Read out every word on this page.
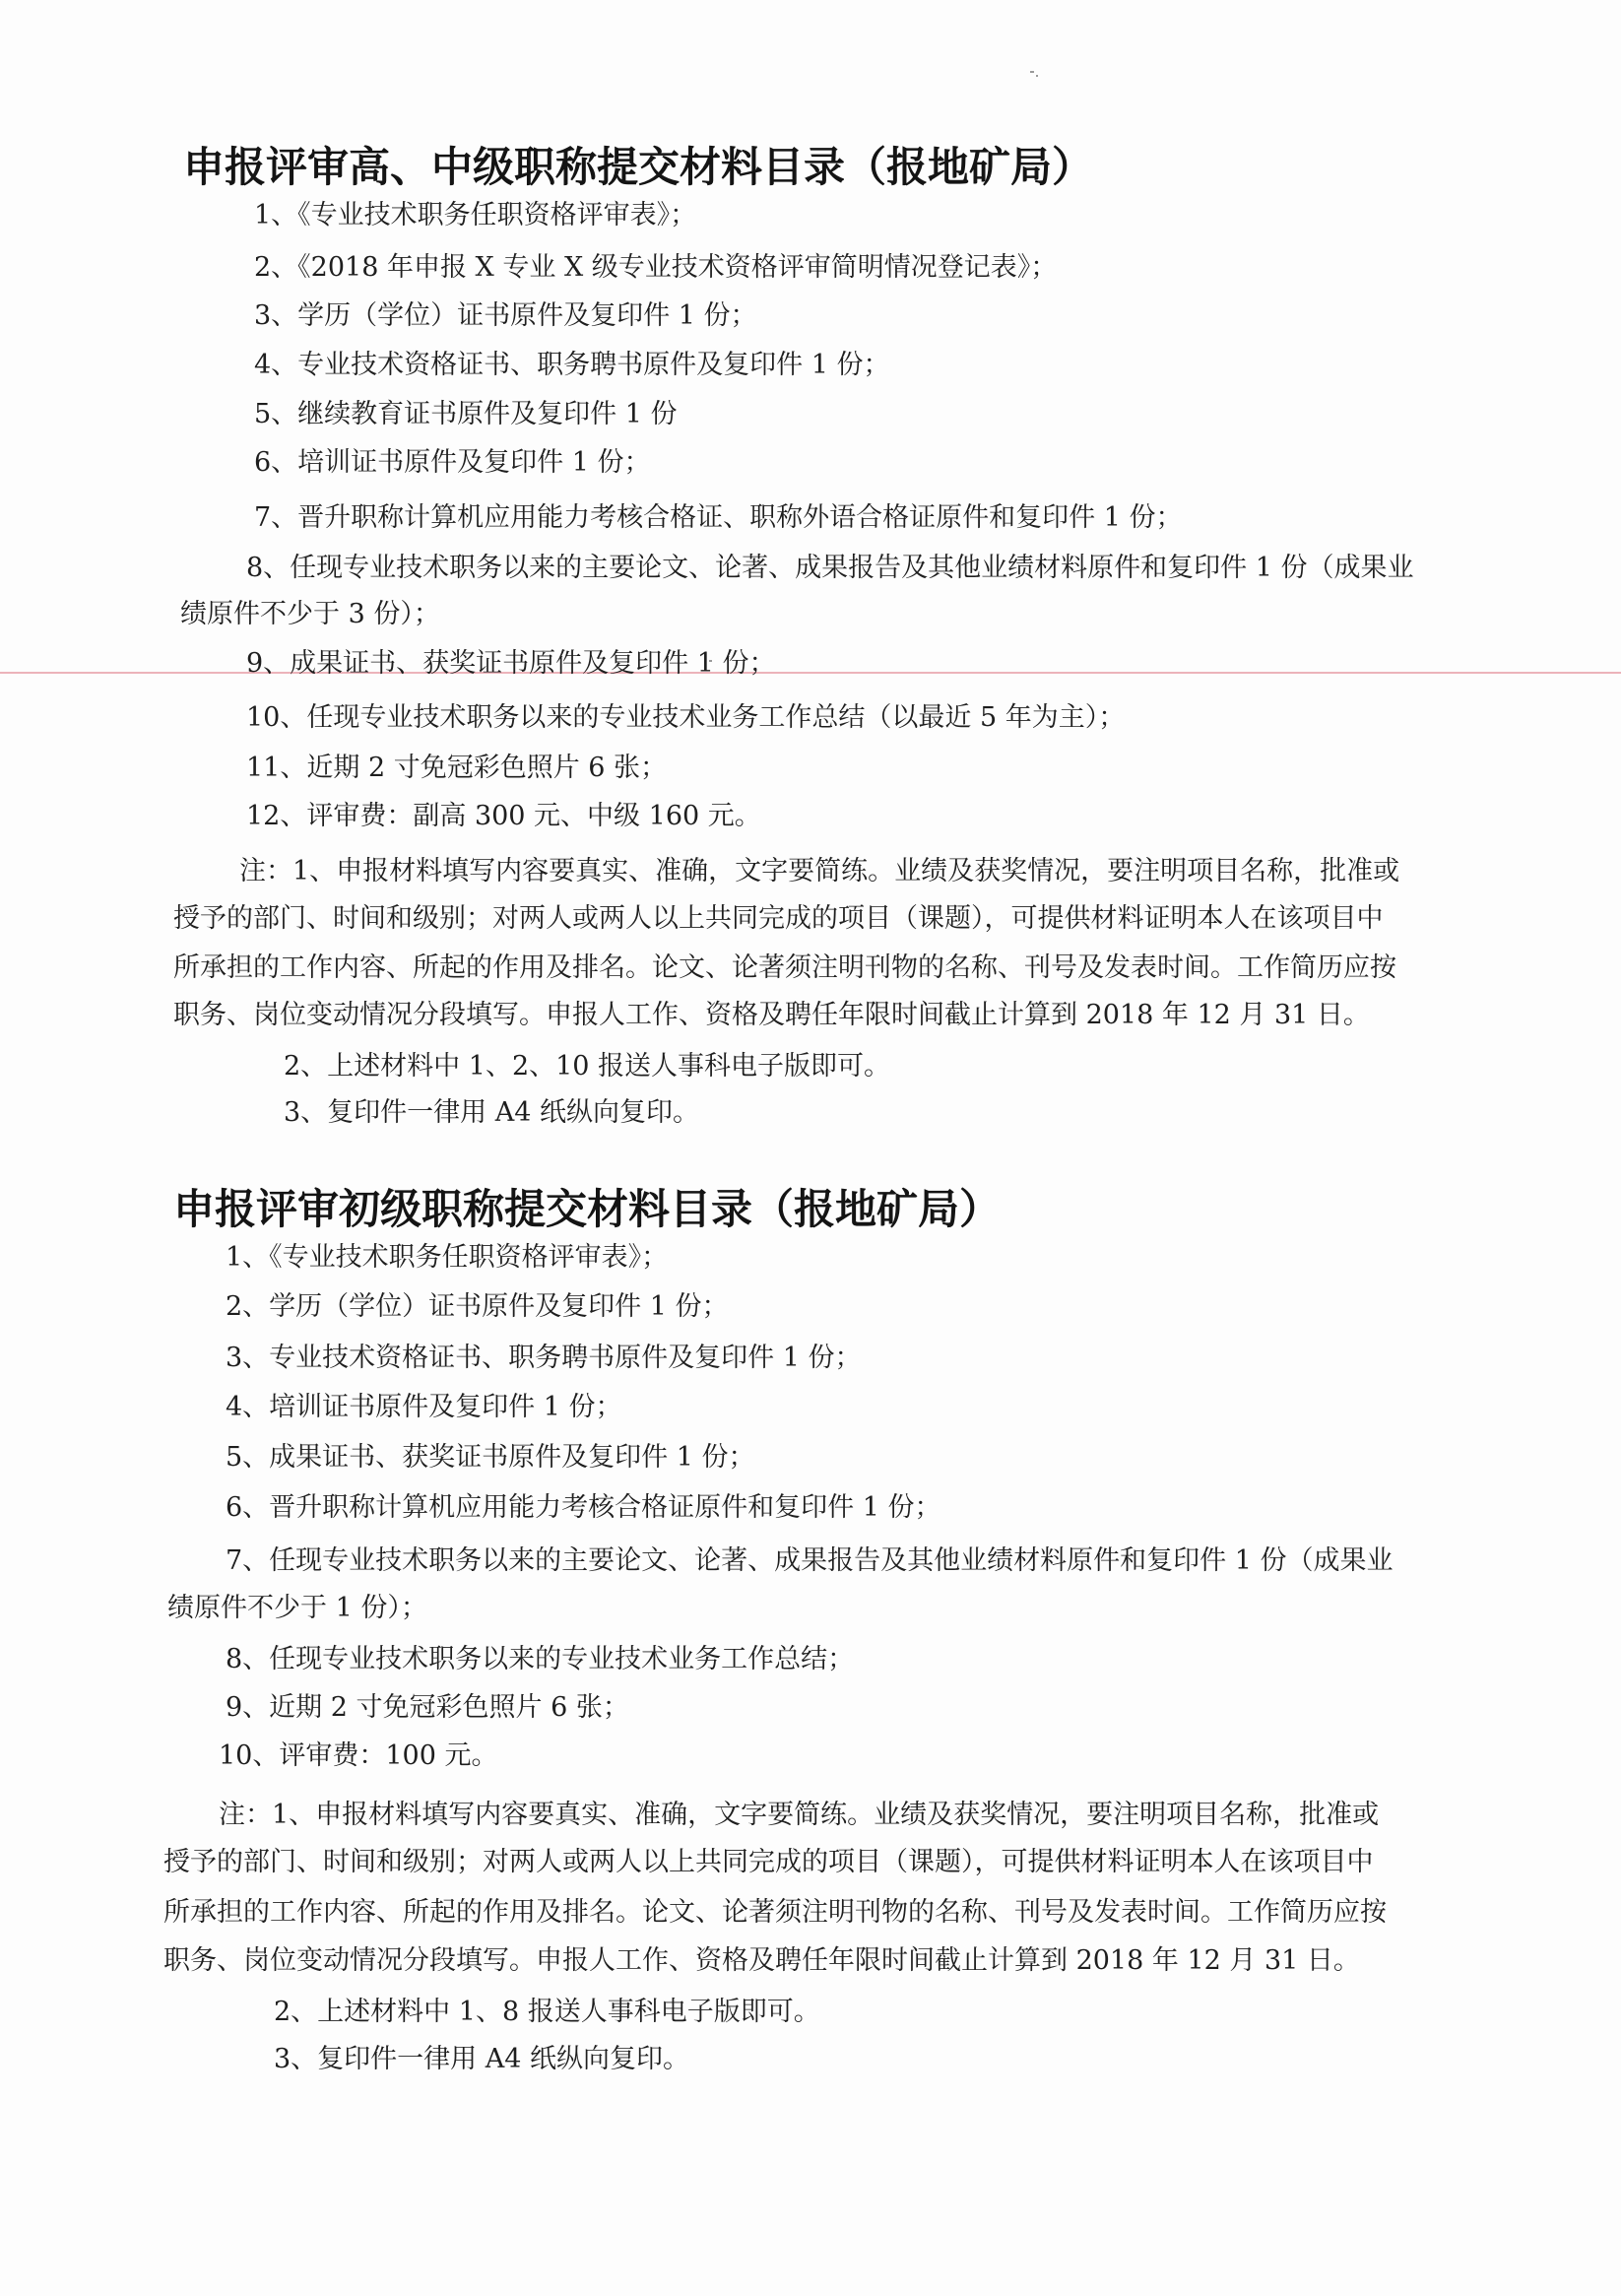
申报评审高、中级职称提交材料目录（报地矿局）
1、《专业技术职务任职资格评审表》；
2、《2018 年申报 X 专业 X 级专业技术资格评审简明情况登记表》；
3、学历（学位）证书原件及复印件 1 份；
4、专业技术资格证书、职务聘书原件及复印件 1 份；
5、继续教育证书原件及复印件 1 份
6、培训证书原件及复印件 1 份；
7、晋升职称计算机应用能力考核合格证、职称外语合格证原件和复印件 1 份；
8、任现专业技术职务以来的主要论文、论著、成果报告及其他业绩材料原件和复印件 1 份（成果业
绩原件不少于 3 份）；
9、成果证书、获奖证书原件及复印件 1 份；
10、任现专业技术职务以来的专业技术业务工作总结（以最近 5 年为主）；
11、近期 2 寸免冠彩色照片 6 张；
12、评审费：副高 300 元、中级 160 元。
注：1、申报材料填写内容要真实、准确，文字要简练。业绩及获奖情况，要注明项目名称，批准或
授予的部门、时间和级别；对两人或两人以上共同完成的项目（课题），可提供材料证明本人在该项目中
所承担的工作内容、所起的作用及排名。论文、论著须注明刊物的名称、刊号及发表时间。工作简历应按
职务、岗位变动情况分段填写。申报人工作、资格及聘任年限时间截止计算到 2018 年 12 月 31 日。
2、上述材料中 1、2、10 报送人事科电子版即可。
3、复印件一律用 A4 纸纵向复印。
申报评审初级职称提交材料目录（报地矿局）
1、《专业技术职务任职资格评审表》；
2、学历（学位）证书原件及复印件 1 份；
3、专业技术资格证书、职务聘书原件及复印件 1 份；
4、培训证书原件及复印件 1 份；
5、成果证书、获奖证书原件及复印件 1 份；
6、晋升职称计算机应用能力考核合格证原件和复印件 1 份；
7、任现专业技术职务以来的主要论文、论著、成果报告及其他业绩材料原件和复印件 1 份（成果业
绩原件不少于 1 份）；
8、任现专业技术职务以来的专业技术业务工作总结；
9、近期 2 寸免冠彩色照片 6 张；
10、评审费：100 元。
注：1、申报材料填写内容要真实、准确，文字要简练。业绩及获奖情况，要注明项目名称，批准或
授予的部门、时间和级别；对两人或两人以上共同完成的项目（课题），可提供材料证明本人在该项目中
所承担的工作内容、所起的作用及排名。论文、论著须注明刊物的名称、刊号及发表时间。工作简历应按
职务、岗位变动情况分段填写。申报人工作、资格及聘任年限时间截止计算到 2018 年 12 月 31 日。
2、上述材料中 1、8 报送人事科电子版即可。
3、复印件一律用 A4 纸纵向复印。
